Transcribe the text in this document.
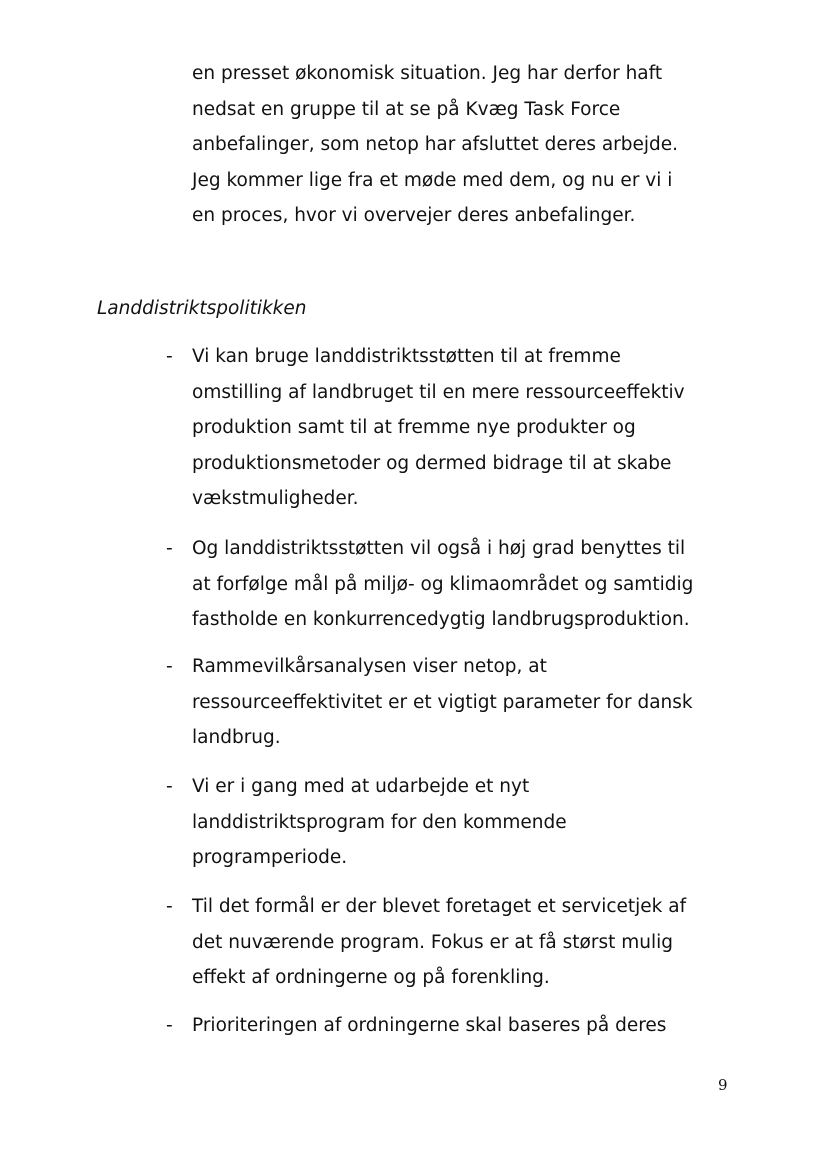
en presset økonomisk situation. Jeg har derfor haft

nedsat en gruppe til at se på Kvæg Task Force

anbefalinger, som netop har afsluttet deres arbejde.

Jeg kommer lige fra et møde med dem, og nu er vi i

en proces, hvor vi overvejer deres anbefalinger.

Landdistriktspolitikken

- Vi kan bruge landdistriktsstøtten til at fremme

omstilling af landbruget til en mere ressourceeffektiv

produktion samt til at fremme nye produkter og

produktionsmetoder og dermed bidrage til at skabe

vækstmuligheder.

- Og landdistriktsstøtten vil også i høj grad benyttes til

at forfølge mål på miljø- og klimaområdet og samtidig

fastholde en konkurrencedygtig landbrugsproduktion.

- Rammevilkårsanalysen viser netop, at

ressourceeffektivitet er et vigtigt parameter for dansk

landbrug.

- Vi er i gang med at udarbejde et nyt

landdistriktsprogram for den kommende

programperiode.

- Til det formål er der blevet foretaget et servicetjek af

det nuværende program. Fokus er at få størst mulig

effekt af ordningerne og på forenkling.

- Prioriteringen af ordningerne skal baseres på deres

9
